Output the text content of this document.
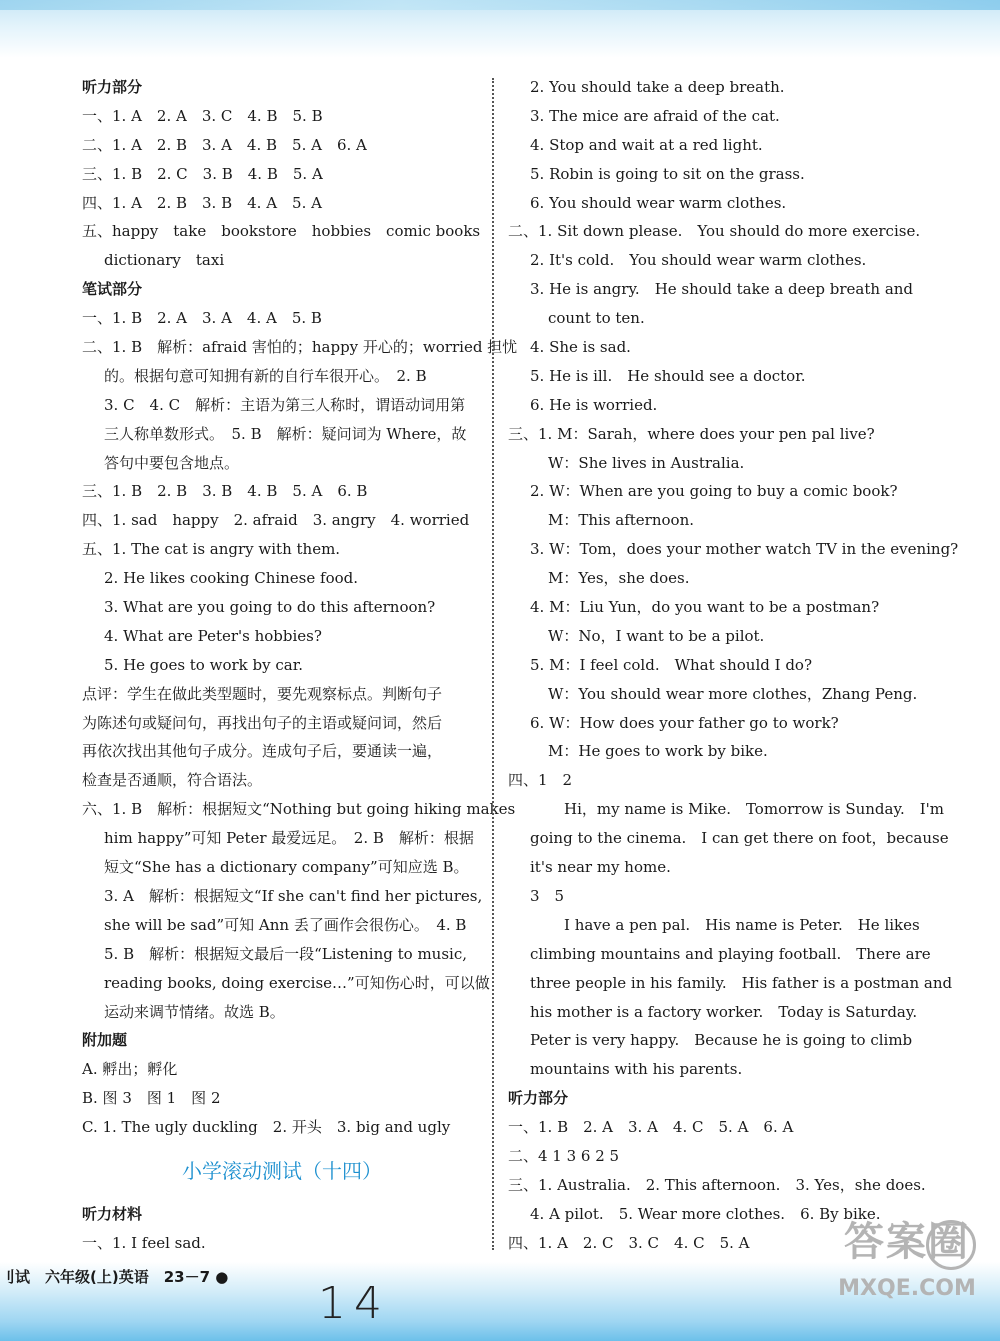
听力部分
一、1. A　2. A　3. C　4. B　5. B
二、1. A　2. B　3. A　4. B　5. A　6. A
三、1. B　2. C　3. B　4. B　5. A
四、1. A　2. B　3. B　4. A　5. A
五、happy　take　bookstore　hobbies　comic books
dictionary　taxi
笔试部分
一、1. B　2. A　3. A　4. A　5. B
二、1. B　解析：afraid 害怕的；happy 开心的；worried 担忧
的。根据句意可知拥有新的自行车很开心。　2. B
3. C　4. C　解析：主语为第三人称时，谓语动词用第
三人称单数形式。　5. B　解析：疑问词为 Where，故
答句中要包含地点。
三、1. B　2. B　3. B　4. B　5. A　6. B
四、1. sad　happy　2. afraid　3. angry　4. worried
五、1. The cat is angry with them.
2. He likes cooking Chinese food.
3. What are you going to do this afternoon?
4. What are Peter's hobbies?
5. He goes to work by car.
点评：学生在做此类型题时，要先观察标点。判断句子
为陈述句或疑问句，再找出句子的主语或疑问词，然后
再依次找出其他句子成分。连成句子后，要通读一遍，
检查是否通顺，符合语法。
六、1. B　解析：根据短文“Nothing but going hiking makes
him happy”可知 Peter 最爱远足。　2. B　解析：根据
短文“She has a dictionary company”可知应选 B。
3. A　解析：根据短文“If she can't find her pictures,
she will be sad”可知 Ann 丢了画作会很伤心。　4. B
5. B　解析：根据短文最后一段“Listening to music,
reading books, doing exercise…”可知伤心时，可以做
运动来调节情绪。故选 B。
附加题
A. 孵出；孵化
B. 图 3　图 1　图 2
C. 1. The ugly duckling　2. 开头　3. big and ugly
小学滚动测试（十四）
听力材料
一、1. I feel sad.
2. You should take a deep breath.
3. The mice are afraid of the cat.
4. Stop and wait at a red light.
5. Robin is going to sit on the grass.
6. You should wear warm clothes.
二、1. Sit down please.　You should do more exercise.
2. It's cold.　You should wear warm clothes.
3. He is angry.　He should take a deep breath and
count to ten.
4. She is sad.
5. He is ill.　He should see a doctor.
6. He is worried.
三、1. M：Sarah，where does your pen pal live?
W：She lives in Australia.
2. W：When are you going to buy a comic book?
M：This afternoon.
3. W：Tom，does your mother watch TV in the evening?
M：Yes，she does.
4. M：Liu Yun，do you want to be a postman?
W：No，I want to be a pilot.
5. M：I feel cold.　What should I do?
W：You should wear more clothes，Zhang Peng.
6. W：How does your father go to work?
M：He goes to work by bike.
四、1　2
Hi，my name is Mike.　Tomorrow is Sunday.　I'm
going to the cinema.　I can get there on foot，because
it's near my home.
3　5
I have a pen pal.　His name is Peter.　He likes
climbing mountains and playing football.　There are
three people in his family.　His father is a postman and
his mother is a factory worker.　Today is Saturday.
Peter is very happy.　Because he is going to climb
mountains with his parents.
听力部分
一、1. B　2. A　3. A　4. C　5. A　6. A
二、4 1 3 6 2 5
三、1. Australia.　2. This afternoon.　3. Yes，she does.
4. A pilot.　5. Wear more clothes.　6. By bike.
四、1. A　2. C　3. C　4. C　5. A
刂试　六年级(上)英语　23－7 ●
14
答案圈
MXQE.COM
